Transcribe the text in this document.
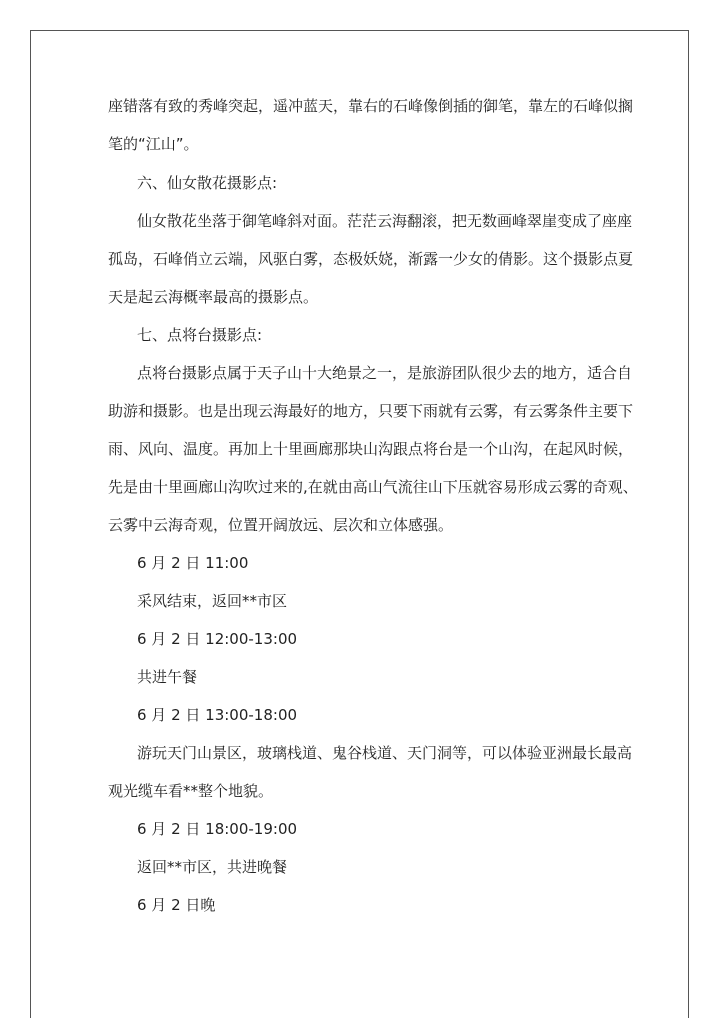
座错落有致的秀峰突起，遥冲蓝天，靠右的石峰像倒插的御笔，靠左的石峰似搁
笔的“江山”。
六、仙女散花摄影点:
仙女散花坐落于御笔峰斜对面。茫茫云海翻滚，把无数画峰翠崖变成了座座
孤岛，石峰俏立云端，风驱白雾，态极妖娆，渐露一少女的倩影。这个摄影点夏
天是起云海概率最高的摄影点。
七、点将台摄影点:
点将台摄影点属于天子山十大绝景之一，是旅游团队很少去的地方，适合自
助游和摄影。也是出现云海最好的地方，只要下雨就有云雾，有云雾条件主要下
雨、风向、温度。再加上十里画廊那块山沟跟点将台是一个山沟，在起风时候，
先是由十里画廊山沟吹过来的,在就由高山气流往山下压就容易形成云雾的奇观、
云雾中云海奇观，位置开阔放远、层次和立体感强。
6 月 2 日 11:00
采风结束，返回**市区
6 月 2 日 12:00-13:00
共进午餐
6 月 2 日 13:00-18:00
游玩天门山景区，玻璃栈道、鬼谷栈道、天门洞等，可以体验亚洲最长最高
观光缆车看**整个地貌。
6 月 2 日 18:00-19:00
返回**市区，共进晚餐
6 月 2 日晚
